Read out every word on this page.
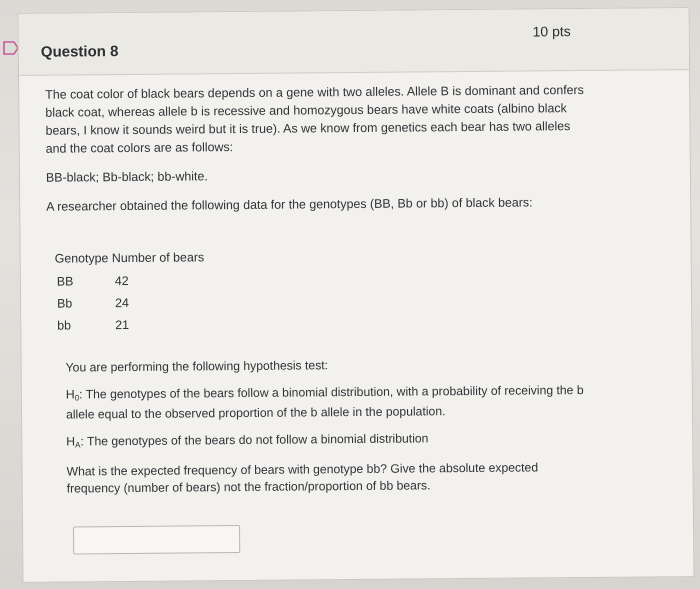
Question 8
10 pts

The coat color of black bears depends on a gene with two alleles. Allele B is dominant and confers black coat, whereas allele b is recessive and homozygous bears have white coats (albino black bears, I know it sounds weird but it is true). As we know from genetics each bear has two alleles and the coat colors are as follows:

BB-black; Bb-black; bb-white.

A researcher obtained the following data for the genotypes (BB, Bb or bb) of black bears:

Genotype Number of bears
BB	42
Bb	24
bb	21

You are performing the following hypothesis test:

$H_0$: The genotypes of the bears follow a binomial distribution, with a probability of receiving the b allele equal to the observed proportion of the b allele in the population.

$H_A$: The genotypes of the bears do not follow a binomial distribution

What is the expected frequency of bears with genotype bb? Give the absolute expected frequency (number of bears) not the fraction/proportion of bb bears.
